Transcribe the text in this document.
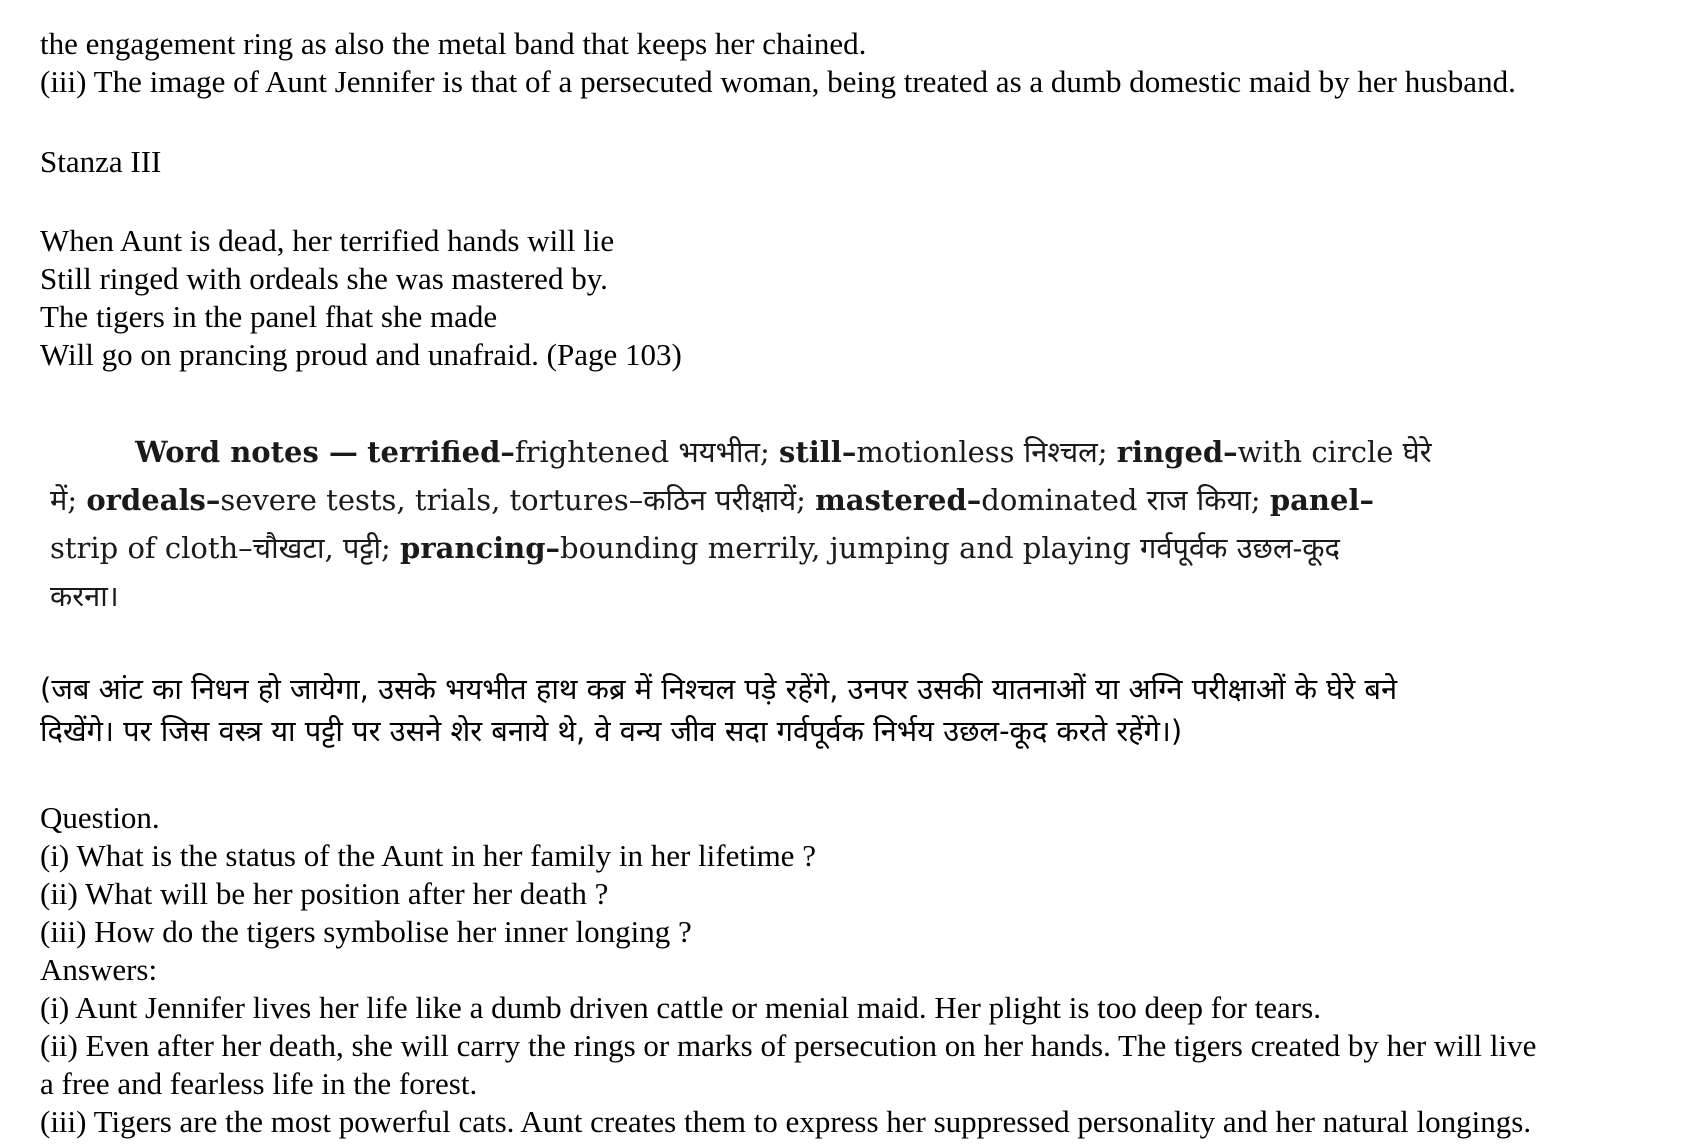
the engagement ring as also the metal band that keeps her chained.

(iii) The image of Aunt Jennifer is that of a persecuted woman, being treated as a dumb domestic maid by her husband.

Stanza III

When Aunt is dead, her terrified hands will lie

Still ringed with ordeals she was mastered by.

The tigers in the panel fhat she made

Will go on prancing proud and unafraid. (Page 103)

Word notes — terrified–frightened भयभीत; still–motionless निश्चल; ringed–with circle घेरे
में; ordeals–severe tests, trials, tortures–कठिन परीक्षायें; mastered–dominated राज किया; panel–
strip of cloth–चौखटा, पट्टी; prancing–bounding merrily, jumping and playing गर्वपूर्वक उछल-कूद
करना।

(जब आंट का निधन हो जायेगा, उसके भयभीत हाथ कब्र में निश्चल पड़े रहेंगे, उनपर उसकी यातनाओं या अग्नि परीक्षाओं के घेरे बने

दिखेंगे। पर जिस वस्त्र या पट्टी पर उसने शेर बनाये थे, वे वन्य जीव सदा गर्वपूर्वक निर्भय उछल-कूद करते रहेंगे।)

Question.

(i) What is the status of the Aunt in her family in her lifetime ?

(ii) What will be her position after her death ?

(iii) How do the tigers symbolise her inner longing ?

Answers:

(i) Aunt Jennifer lives her life like a dumb driven cattle or menial maid. Her plight is too deep for tears.

(ii) Even after her death, she will carry the rings or marks of persecution on her hands. The tigers created by her will live

a free and fearless life in the forest.

(iii) Tigers are the most powerful cats. Aunt creates them to express her suppressed personality and her natural longings.
